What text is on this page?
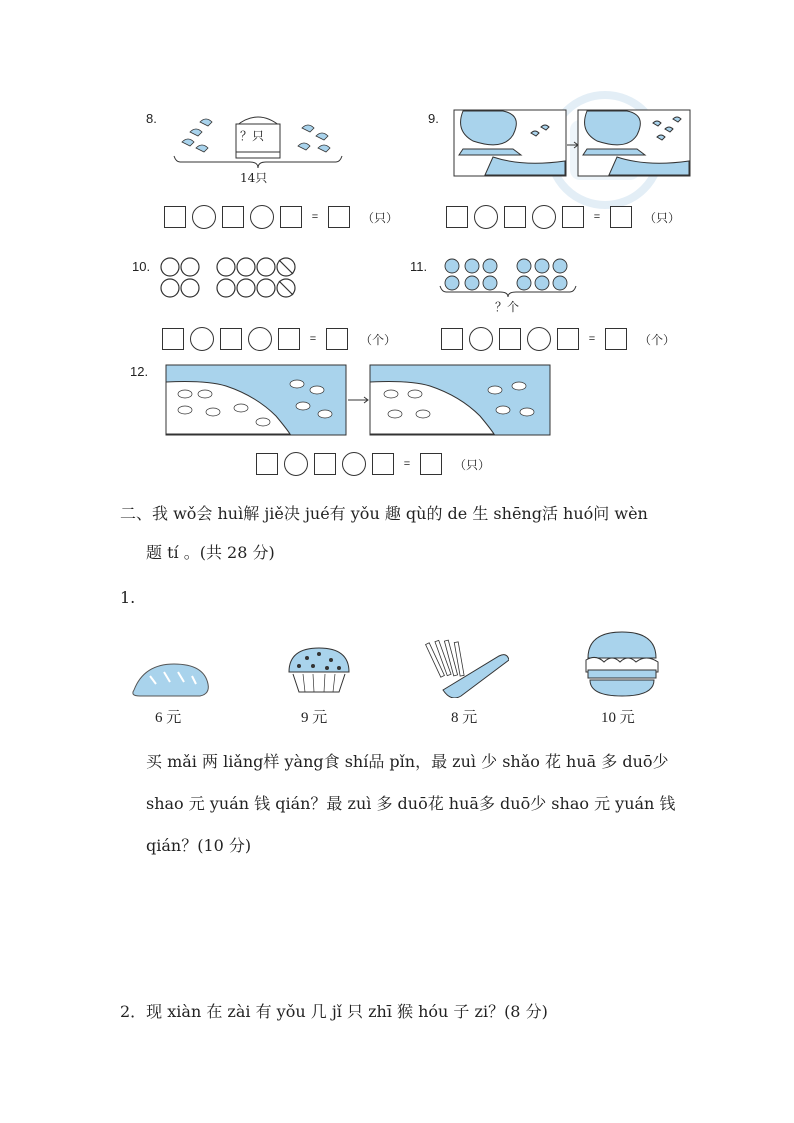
8.
？只
14只
=	（只）
9.
=	（只）
10.
=	（个）
11.
？个
=	（个）
12.
=	（只）
二、我 wǒ会 huì解 jiě决 jué有 yǒu 趣 qù的 de 生 shēng活 huó问 wèn
题 tí 。(共 28 分)
1.
6 元	9 元	8 元	10 元
买 mǎi 两 liǎng样 yàng食 shí品 pǐn，最 zuì 少 shǎo 花 huā 多 duō少
shao 元 yuán 钱 qián？最 zuì 多 duō花 huā多 duō少 shao 元 yuán 钱
qián？(10 分)
2．现 xiàn 在 zài 有 yǒu 几 jǐ 只 zhī 猴 hóu 子 zi？(8 分)
